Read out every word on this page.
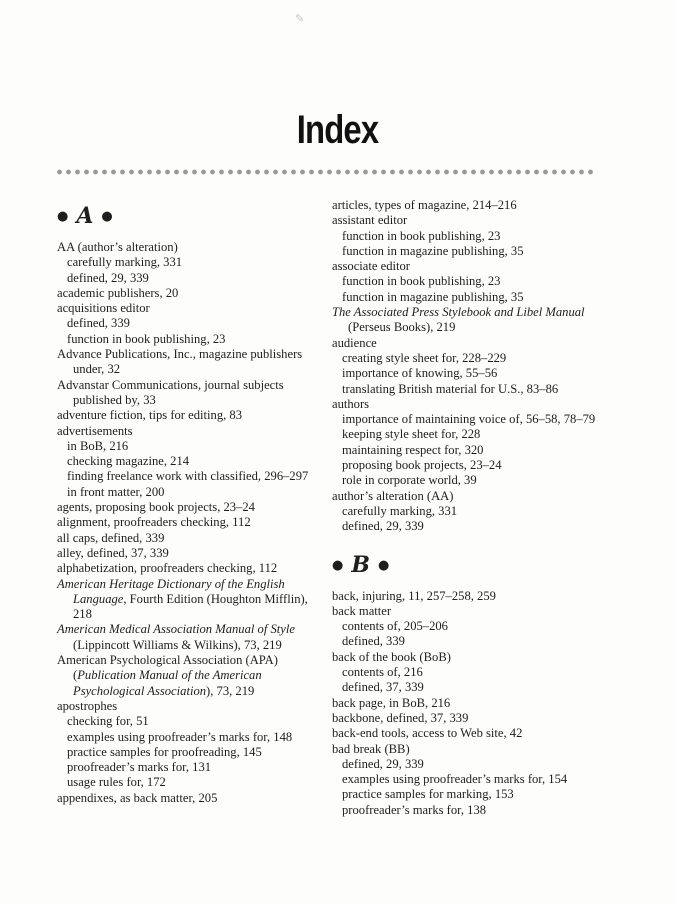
✎
Index
● A ●
AA (author’s alteration)
carefully marking, 331
defined, 29, 339
academic publishers, 20
acquisitions editor
defined, 339
function in book publishing, 23
Advance Publications, Inc., magazine publishers under, 32
Advanstar Communications, journal subjects published by, 33
adventure fiction, tips for editing, 83
advertisements
in BoB, 216
checking magazine, 214
finding freelance work with classified, 296–297
in front matter, 200
agents, proposing book projects, 23–24
alignment, proofreaders checking, 112
all caps, defined, 339
alley, defined, 37, 339
alphabetization, proofreaders checking, 112
American Heritage Dictionary of the English Language, Fourth Edition (Houghton Mifflin), 218
American Medical Association Manual of Style (Lippincott Williams & Wilkins), 73, 219
American Psychological Association (APA) (Publication Manual of the American Psychological Association), 73, 219
apostrophes
checking for, 51
examples using proofreader’s marks for, 148
practice samples for proofreading, 145
proofreader’s marks for, 131
usage rules for, 172
appendixes, as back matter, 205
articles, types of magazine, 214–216
assistant editor
function in book publishing, 23
function in magazine publishing, 35
associate editor
function in book publishing, 23
function in magazine publishing, 35
The Associated Press Stylebook and Libel Manual (Perseus Books), 219
audience
creating style sheet for, 228–229
importance of knowing, 55–56
translating British material for U.S., 83–86
authors
importance of maintaining voice of, 56–58, 78–79
keeping style sheet for, 228
maintaining respect for, 320
proposing book projects, 23–24
role in corporate world, 39
author’s alteration (AA)
carefully marking, 331
defined, 29, 339
● B ●
back, injuring, 11, 257–258, 259
back matter
contents of, 205–206
defined, 339
back of the book (BoB)
contents of, 216
defined, 37, 339
back page, in BoB, 216
backbone, defined, 37, 339
back-end tools, access to Web site, 42
bad break (BB)
defined, 29, 339
examples using proofreader’s marks for, 154
practice samples for marking, 153
proofreader’s marks for, 138
